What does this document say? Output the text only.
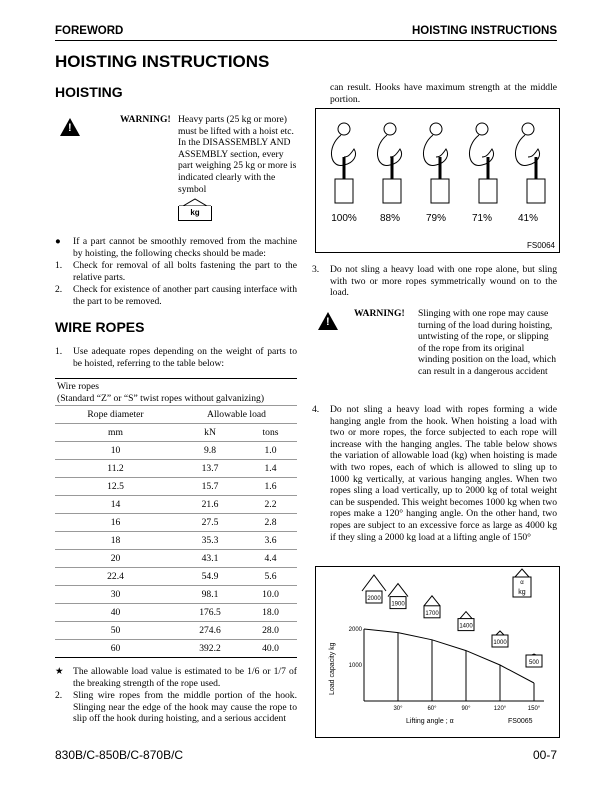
FOREWORD	HOISTING INSTRUCTIONS
HOISTING INSTRUCTIONS
HOISTING
!
WARNING! Heavy parts (25 kg or more) must be lifted with a hoist etc. In the DISASSEMBLY AND ASSEMBLY section, every part weighing 25 kg or more is indicated clearly with the symbol
kg
●	If a part cannot be smoothly removed from the machine by hoisting, the following checks should be made:
1.	Check for removal of all bolts fastening the part to the relative parts.
2.	Check for existence of another part causing interface with the part to be removed.
WIRE ROPES
1.	Use adequate ropes depending on the weight of parts to be hoisted, referring to the table below:
Wire ropes
(Standard “Z” or “S” twist ropes without galvanizing)
Rope diameter	Allowable load	
mm	kN	tons
10	9.8	1.0
11.2	13.7	1.4
12.5	15.7	1.6
14	21.6	2.2
16	27.5	2.8
18	35.3	3.6
20	43.1	4.4
22.4	54.9	5.6
30	98.1	10.0
40	176.5	18.0
50	274.6	28.0
60	392.2	40.0
★ The allowable load value is estimated to be 1/6 or 1/7 of the breaking strength of the rope used.
2.	Sling wire ropes from the middle portion of the hook. Slinging near the edge of the hook may cause the rope to slip off the hook during hoisting, and a serious accident
can result. Hooks have maximum strength at the middle portion.
100% 88%	79%	71%	41%
FS0064
3.	Do not sling a heavy load with one rope alone, but sling with two or more ropes symmetrically wound on to the load.
!
WARNING!	Slinging with one rope may cause turning of the load during hoisting, untwisting of the rope, or slipping of the rope from its original winding position on the load, which can result in a dangerous accident
4.	Do not sling a heavy load with ropes forming a wide hanging angle from the hook. When hoisting a load with two or more ropes, the force subjected to each rope will increase with the hanging angles. The table below shows the variation of allowable load (kg) when hoisting is made with two ropes, each of which is allowed to sling up to 1000 kg vertically, at various hanging angles. When two ropes sling a load vertically, up to 2000 kg of total weight can be suspended. This weight becomes 1000 kg when two ropes make a 120° hanging angle. On the other hand, two ropes are subject to an excessive force as large as 4000 kg if they sling a 2000 kg load at a lifting angle of 150°
2000
1900
1700
1400
1000
500
30°	60°	90°	120°	150°
2000
1000
Lifting angle ; α	FS0065
Load capacity kg
α
kg
830B/C-850B/C-870B/C	00-7
